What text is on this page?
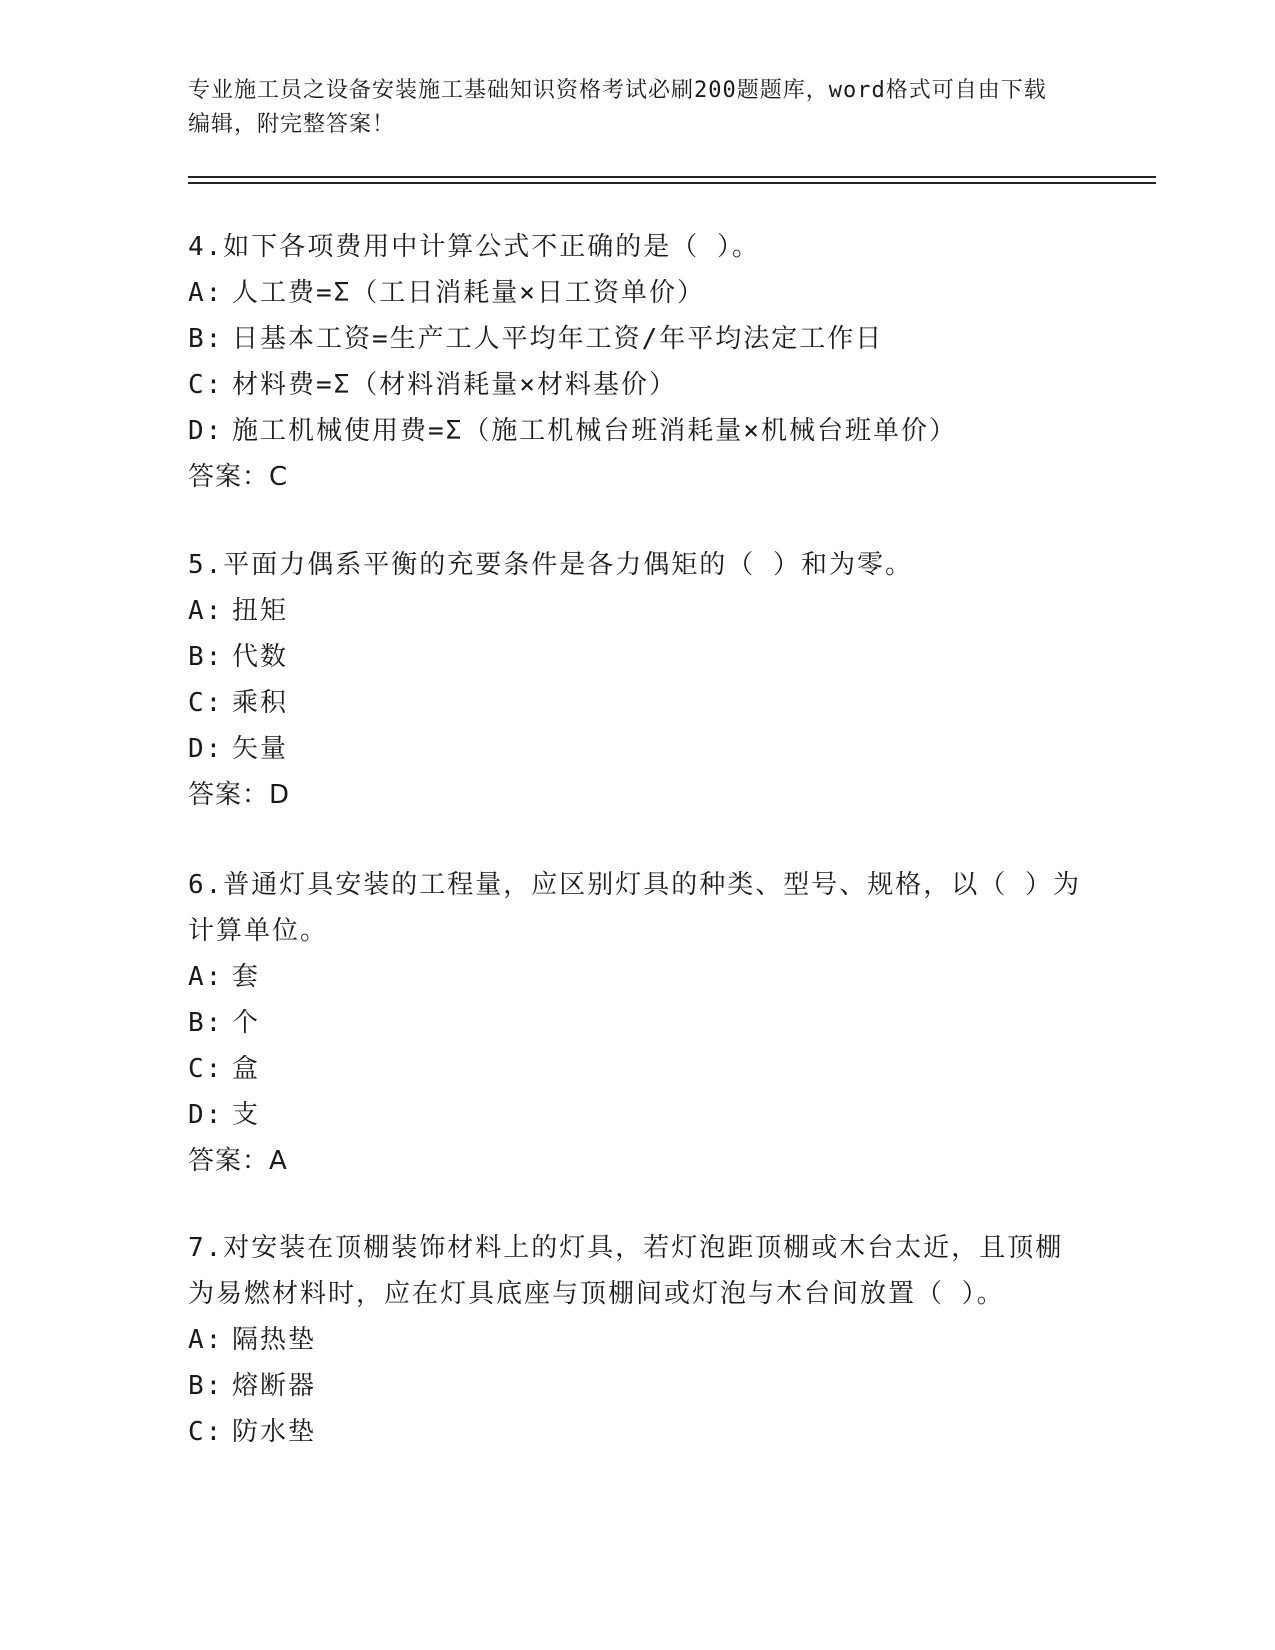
专业施工员之设备安装施工基础知识资格考试必刷200题题库，word格式可自由下载编辑，附完整答案！

4.如下各项费用中计算公式不正确的是（ ）。

A: 人工费=Σ（工日消耗量×日工资单价）

B: 日基本工资=生产工人平均年工资/年平均法定工作日

C: 材料费=Σ（材料消耗量×材料基价）

D: 施工机械使用费=Σ（施工机械台班消耗量×机械台班单价）

答案：C

5.平面力偶系平衡的充要条件是各力偶矩的（ ）和为零。

A: 扭矩

B: 代数

C: 乘积

D: 矢量

答案：D

6.普通灯具安装的工程量，应区别灯具的种类、型号、规格，以（ ）为计算单位。

A: 套

B: 个

C: 盒

D: 支

答案：A

7.对安装在顶棚装饰材料上的灯具，若灯泡距顶棚或木台太近，且顶棚为易燃材料时，应在灯具底座与顶棚间或灯泡与木台间放置（ ）。

A: 隔热垫

B: 熔断器

C: 防水垫
